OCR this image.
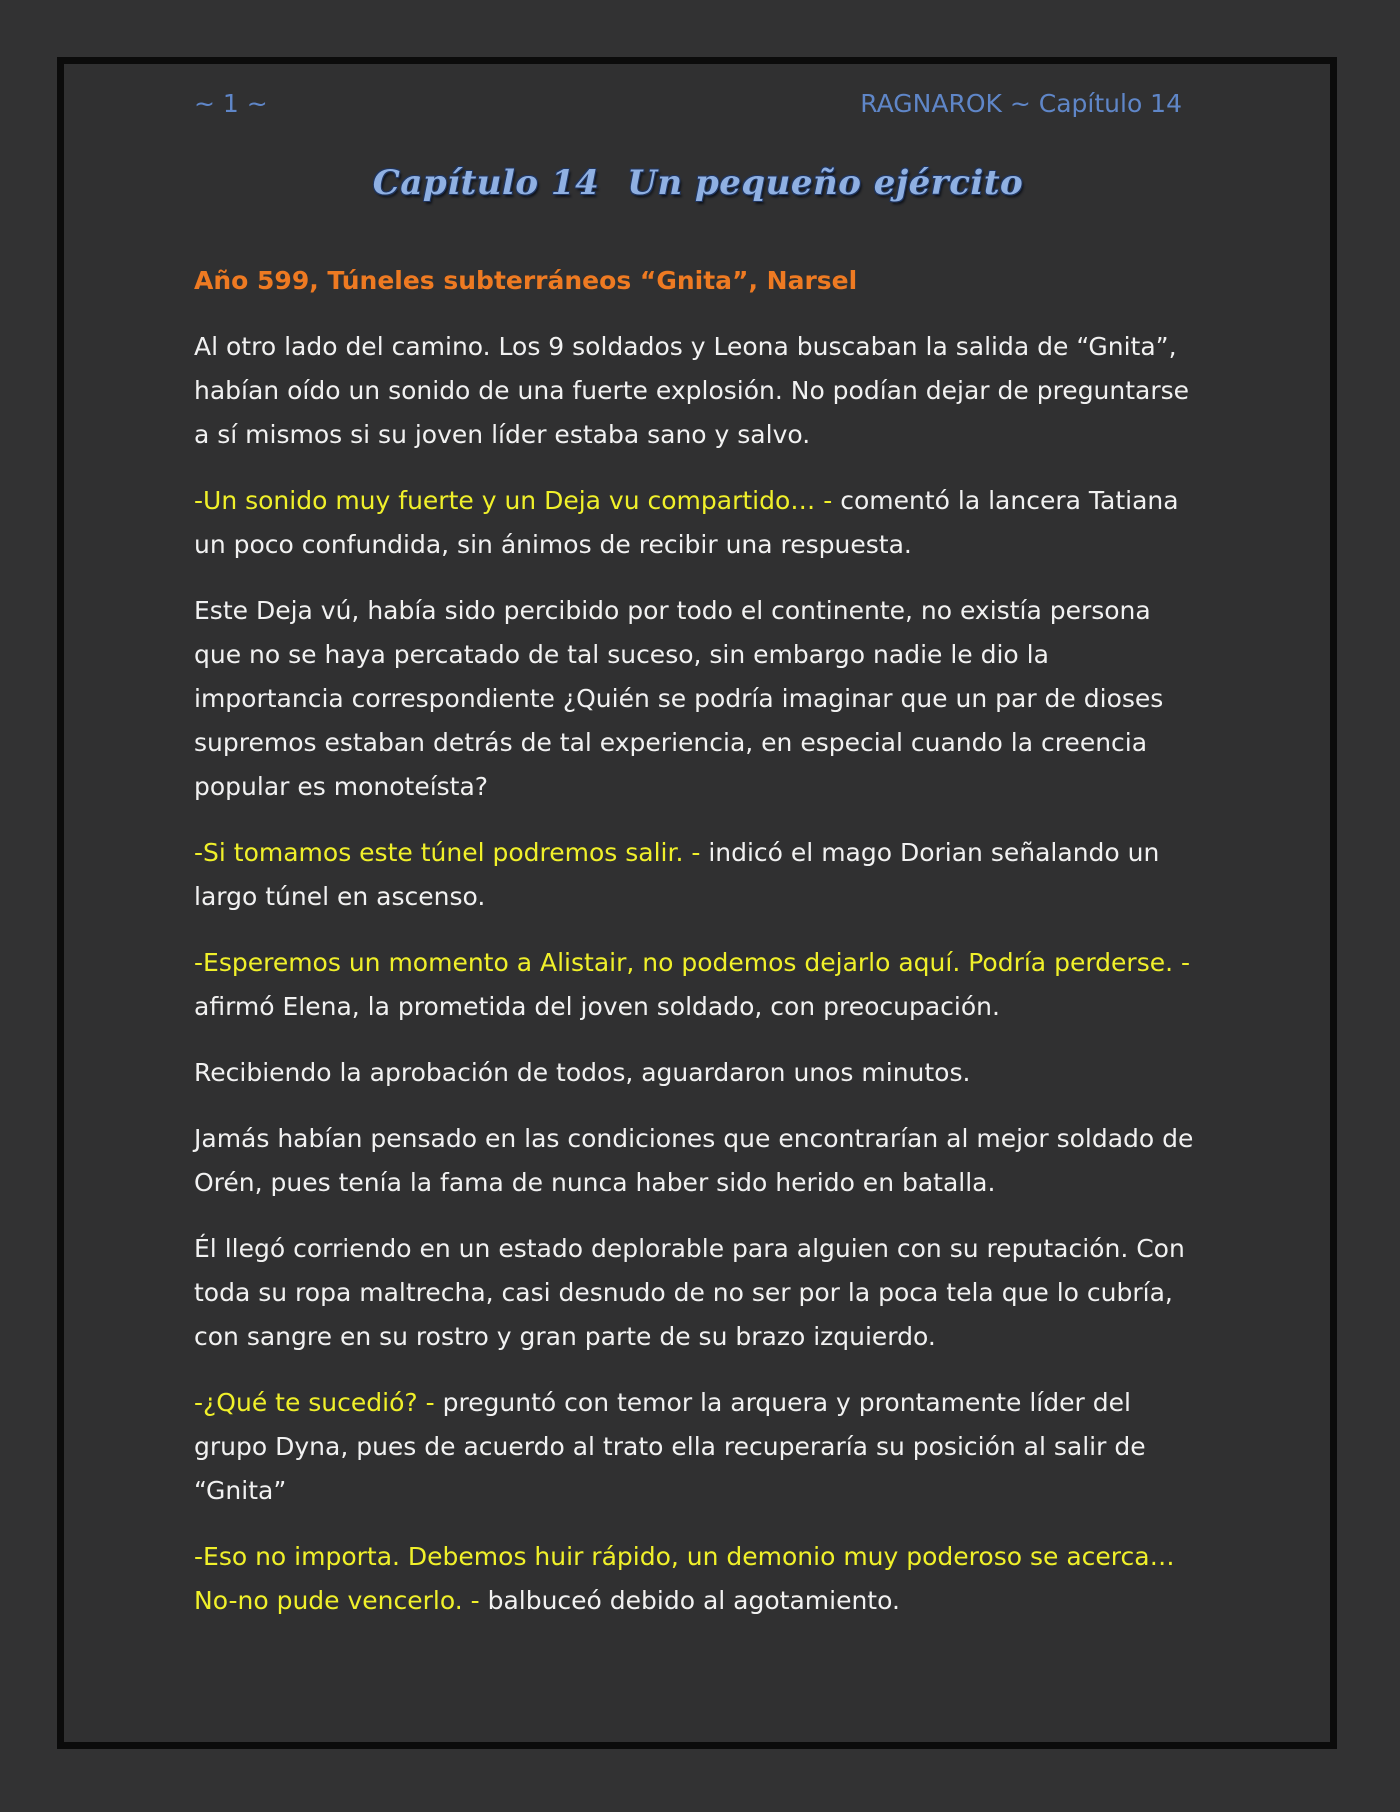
~ 1 ~	RAGNAROK ~ Capítulo 14
Capítulo 14 Un pequeño ejército

Año 599, Túneles subterráneos “Gnita”, Narsel

Al otro lado del camino. Los 9 soldados y Leona buscaban la salida de “Gnita”, habían oído un sonido de una fuerte explosión. No podían dejar de preguntarse a sí mismos si su joven líder estaba sano y salvo.

-Un sonido muy fuerte y un Deja vu compartido… - comentó la lancera Tatiana un poco confundida, sin ánimos de recibir una respuesta.

Este Deja vú, había sido percibido por todo el continente, no existía persona que no se haya percatado de tal suceso, sin embargo nadie le dio la importancia correspondiente ¿Quién se podría imaginar que un par de dioses supremos estaban detrás de tal experiencia, en especial cuando la creencia popular es monoteísta?

-Si tomamos este túnel podremos salir. - indicó el mago Dorian señalando un largo túnel en ascenso.

-Esperemos un momento a Alistair, no podemos dejarlo aquí. Podría perderse. - afirmó Elena, la prometida del joven soldado, con preocupación.

Recibiendo la aprobación de todos, aguardaron unos minutos.

Jamás habían pensado en las condiciones que encontrarían al mejor soldado de Orén, pues tenía la fama de nunca haber sido herido en batalla.

Él llegó corriendo en un estado deplorable para alguien con su reputación. Con toda su ropa maltrecha, casi desnudo de no ser por la poca tela que lo cubría, con sangre en su rostro y gran parte de su brazo izquierdo.

-¿Qué te sucedió? - preguntó con temor la arquera y prontamente líder del grupo Dyna, pues de acuerdo al trato ella recuperaría su posición al salir de “Gnita”

-Eso no importa. Debemos huir rápido, un demonio muy poderoso se acerca… No-no pude vencerlo. - balbuceó debido al agotamiento.
